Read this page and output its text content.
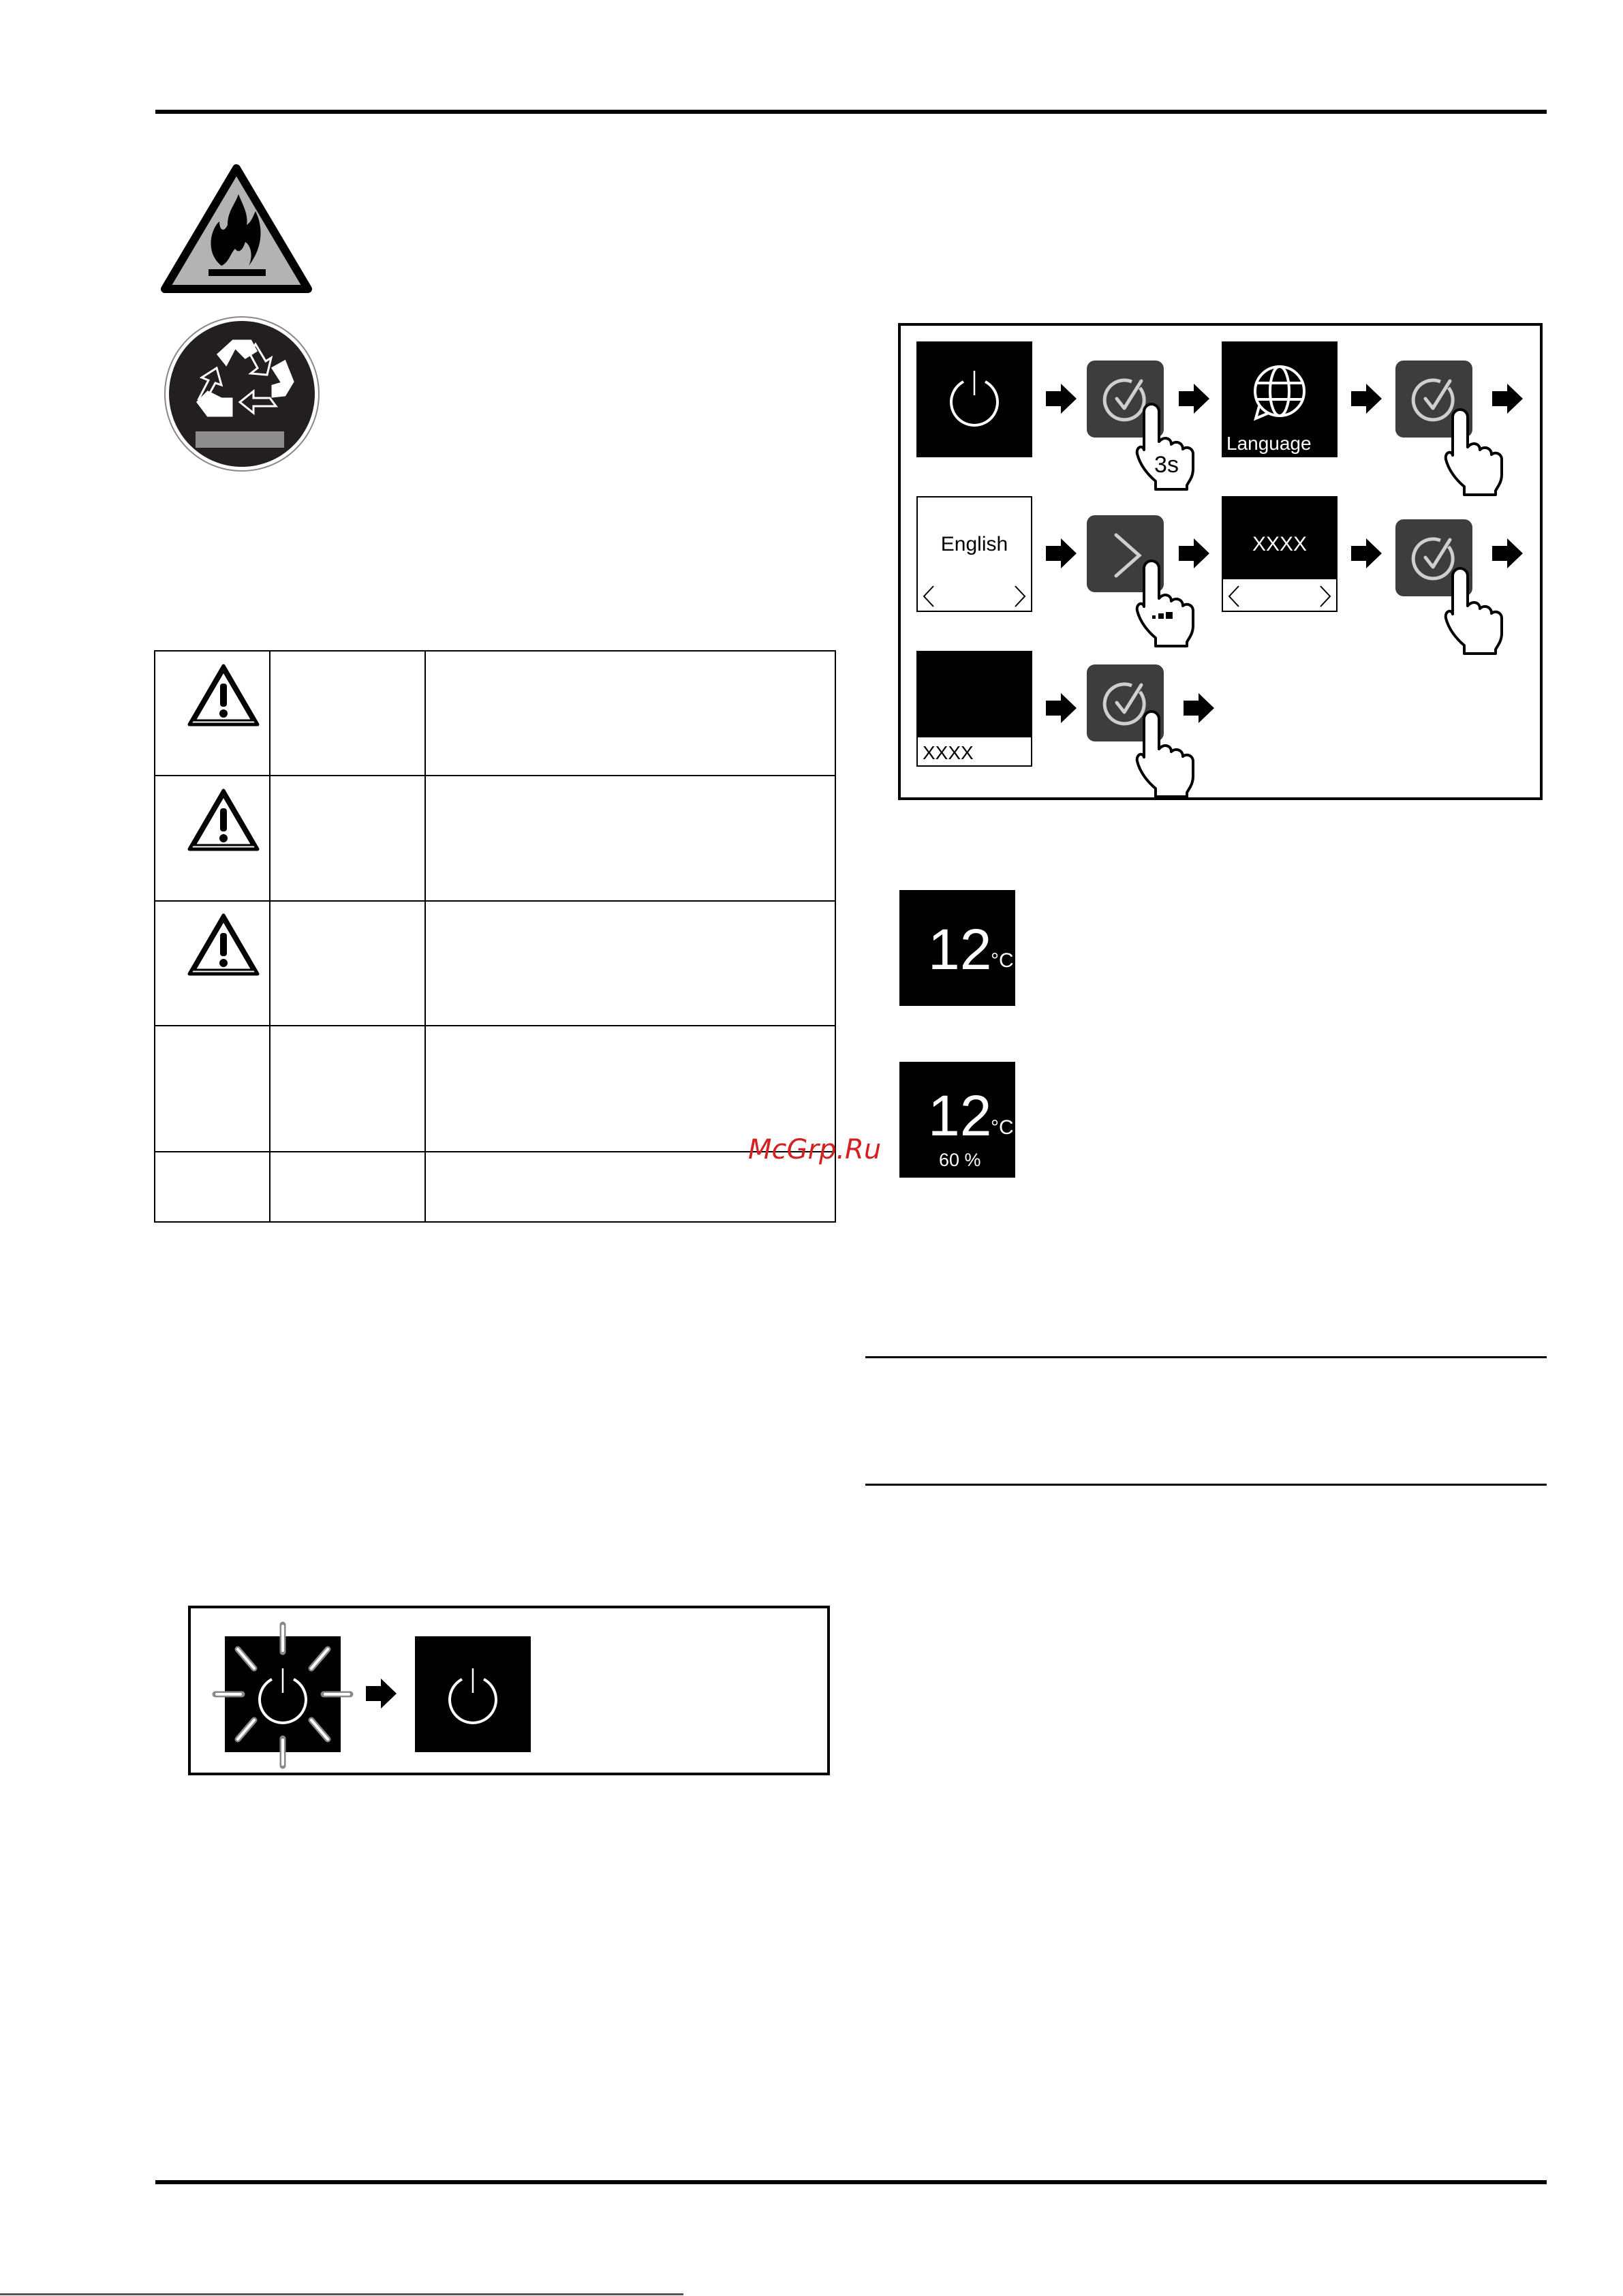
3s
Language
English	XXXX
XXXX
12
°C
12
°C
60 %
McGrp.Ru
